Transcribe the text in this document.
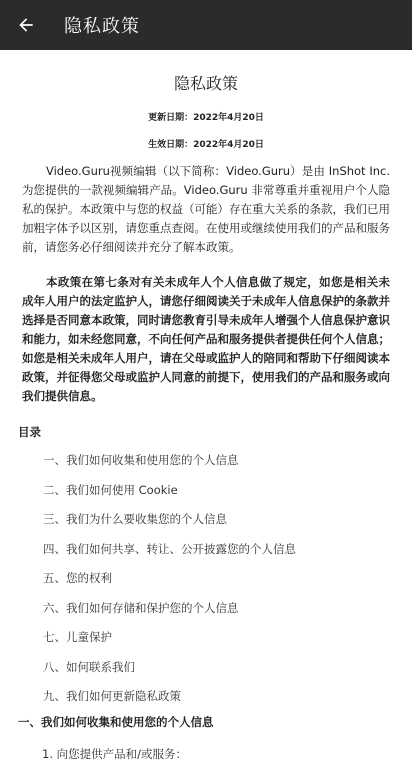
隐私政策
隐私政策
更新日期：2022年4月20日
生效日期：2022年4月20日

Video.Guru视频编辑（以下简称：Video.Guru）是由 InShot Inc. 为您提供的一款视频编辑产品。Video.Guru 非常尊重并重视用户个人隐私的保护。本政策中与您的权益（可能）存在重大关系的条款，我们已用加粗字体予以区别，请您重点查阅。在使用或继续使用我们的产品和服务前，请您务必仔细阅读并充分了解本政策。

本政策在第七条对有关未成年人个人信息做了规定，如您是相关未成年人用户的法定监护人，请您仔细阅读关于未成年人信息保护的条款并选择是否同意本政策，同时请您教育引导未成年人增强个人信息保护意识和能力，如未经您同意，不向任何产品和服务提供者提供任何个人信息；如您是相关未成年人用户，请在父母或监护人的陪同和帮助下仔细阅读本政策，并征得您父母或监护人同意的前提下，使用我们的产品和服务或向我们提供信息。

目录
一、我们如何收集和使用您的个人信息
二、我们如何使用 Cookie
三、我们为什么要收集您的个人信息
四、我们如何共享、转让、公开披露您的个人信息
五、您的权利
六、我们如何存储和保护您的个人信息
七、儿童保护
八、如何联系我们
九、我们如何更新隐私政策
一、我们如何收集和使用您的个人信息
1. 向您提供产品和/或服务：
